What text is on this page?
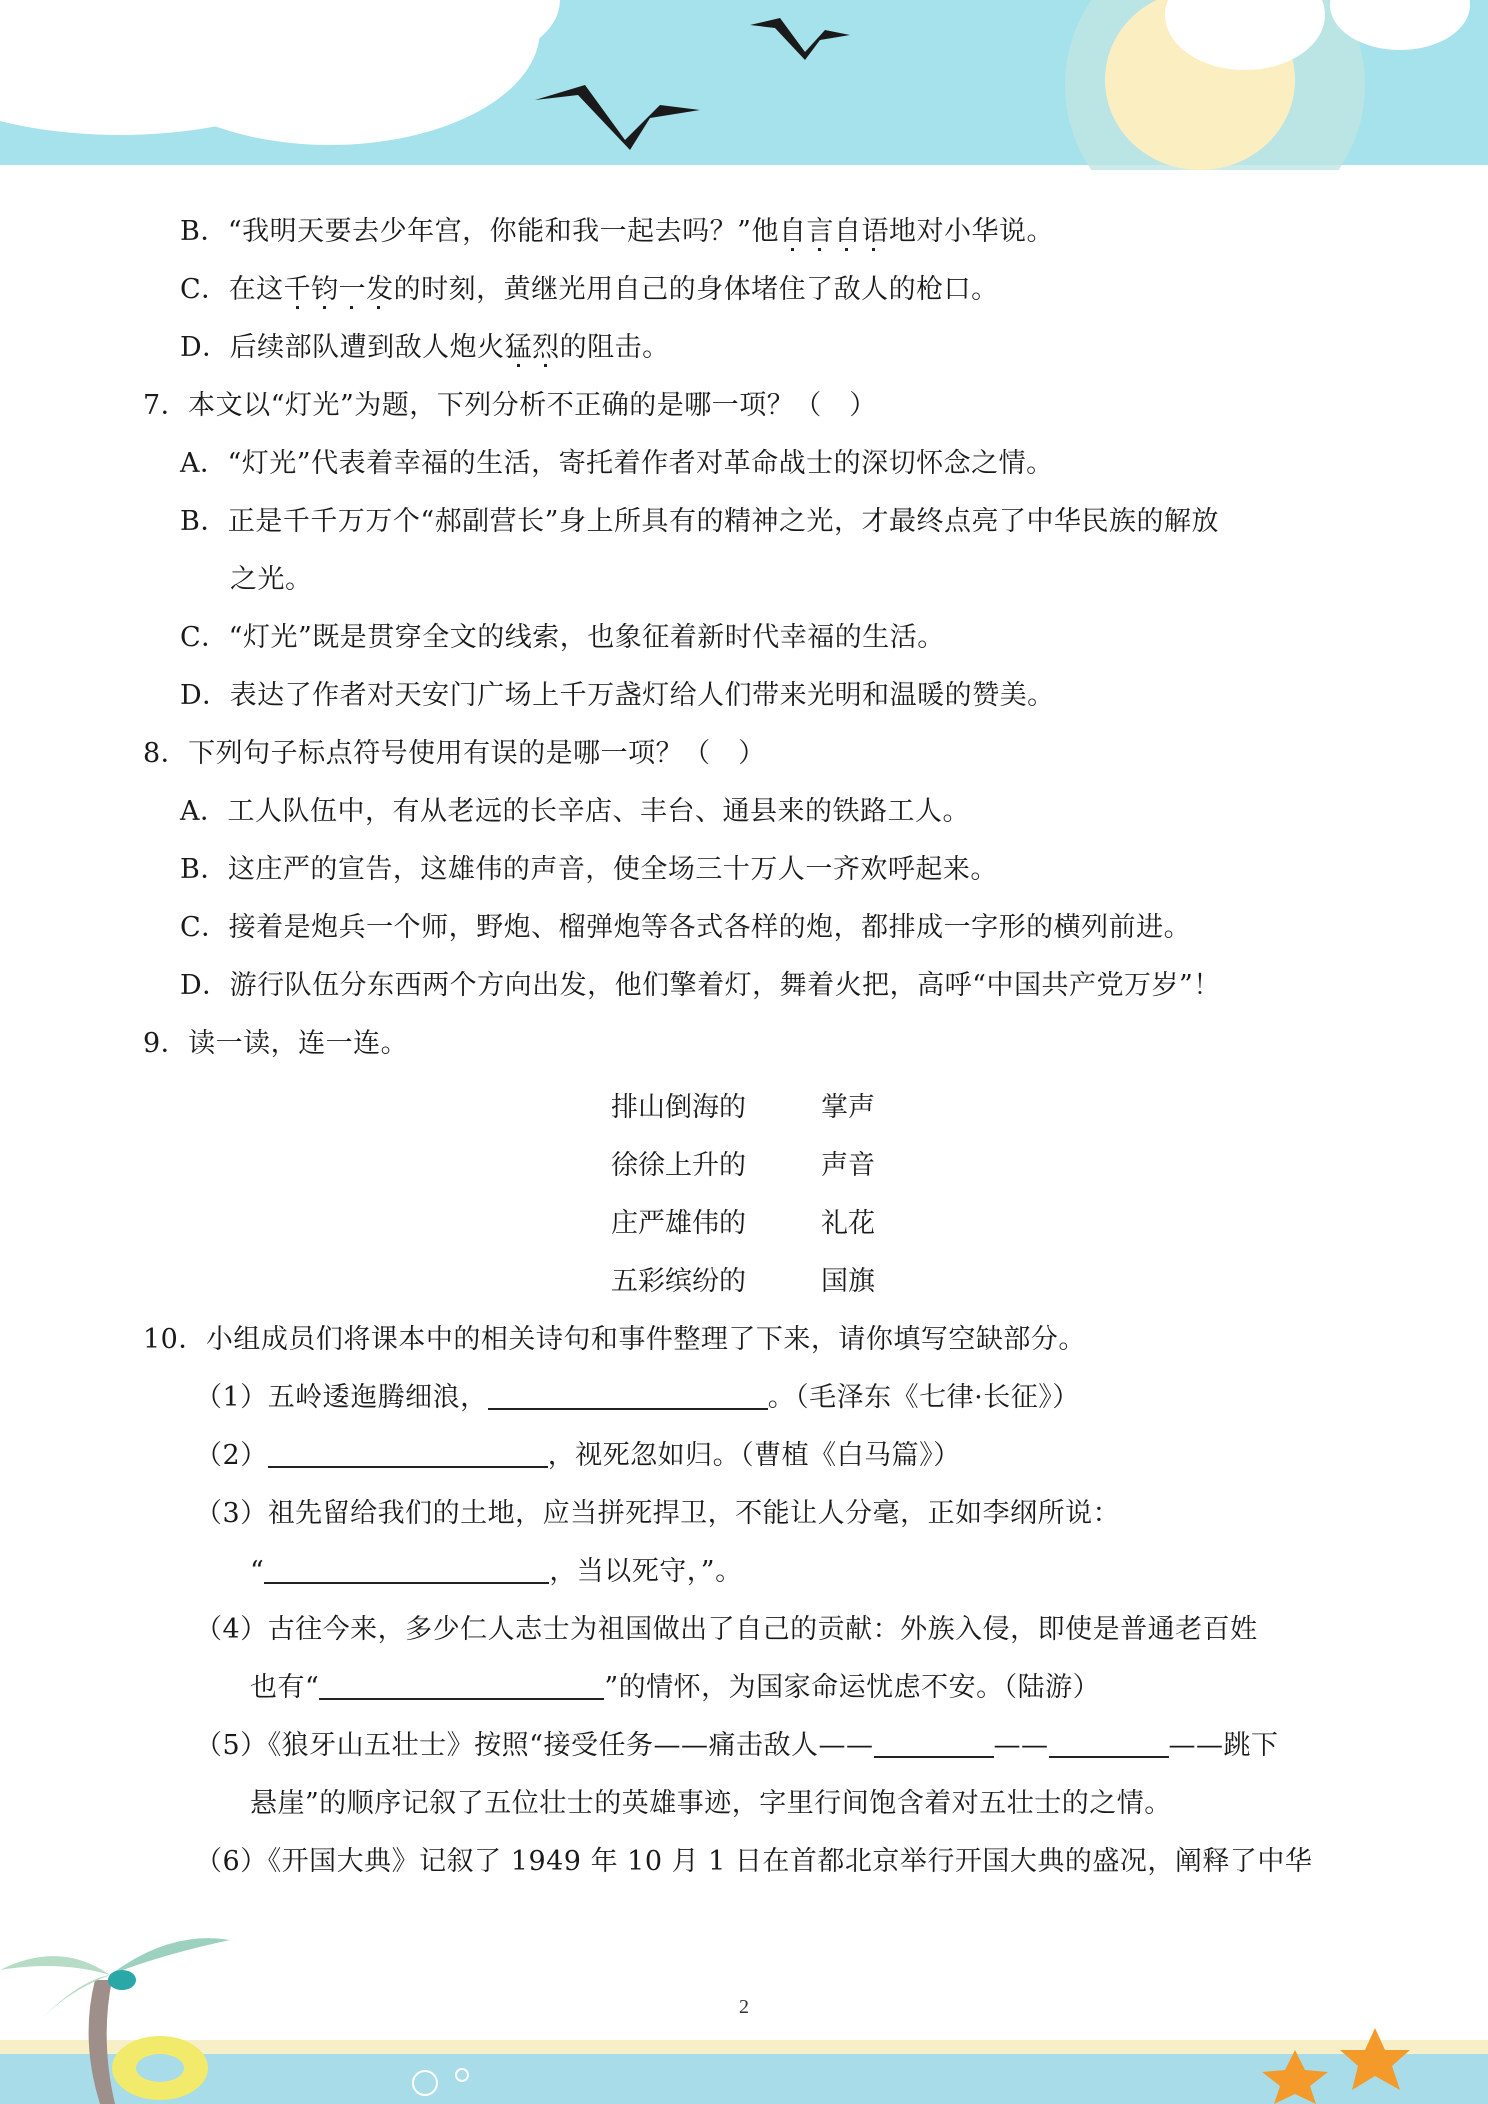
B．“我明天要去少年宫，你能和我一起去吗？”他自言自语地对小华说。
C．在这千钧一发的时刻，黄继光用自己的身体堵住了敌人的枪口。
D．后续部队遭到敌人炮火猛烈的阻击。
7．本文以“灯光”为题，下列分析不正确的是哪一项？（　）
A．“灯光”代表着幸福的生活，寄托着作者对革命战士的深切怀念之情。
B．正是千千万万个“郝副营长”身上所具有的精神之光，才最终点亮了中华民族的解放
之光。
C．“灯光”既是贯穿全文的线索，也象征着新时代幸福的生活。
D．表达了作者对天安门广场上千万盏灯给人们带来光明和温暖的赞美。
8．下列句子标点符号使用有误的是哪一项？（　）
A．工人队伍中，有从老远的长辛店、丰台、通县来的铁路工人。
B．这庄严的宣告，这雄伟的声音，使全场三十万人一齐欢呼起来。
C．接着是炮兵一个师，野炮、榴弹炮等各式各样的炮，都排成一字形的横列前进。
D．游行队伍分东西两个方向出发，他们擎着灯，舞着火把，高呼“中国共产党万岁”！
9．读一读，连一连。
排山倒海的	掌声
徐徐上升的	声音
庄严雄伟的	礼花
五彩缤纷的	国旗
10．小组成员们将课本中的相关诗句和事件整理了下来，请你填写空缺部分。
（1）五岭逶迤腾细浪，	。（毛泽东《七律·长征》）
（2）	，视死忽如归。（曹植《白马篇》）
（3）祖先留给我们的土地，应当拼死捍卫，不能让人分毫，正如李纲所说：
“	，当以死守，”。
（4）古往今来，多少仁人志士为祖国做出了自己的贡献：外族入侵，即使是普通老百姓
也有“	”的情怀，为国家命运忧虑不安。（陆游）
（5）《狼牙山五壮士》按照“接受任务——痛击敌人——	——	——跳下
悬崖”的顺序记叙了五位壮士的英雄事迹，字里行间饱含着对五壮士的之情。
（6）《开国大典》记叙了 1949 年 10 月 1 日在首都北京举行开国大典的盛况，阐释了中华
2
